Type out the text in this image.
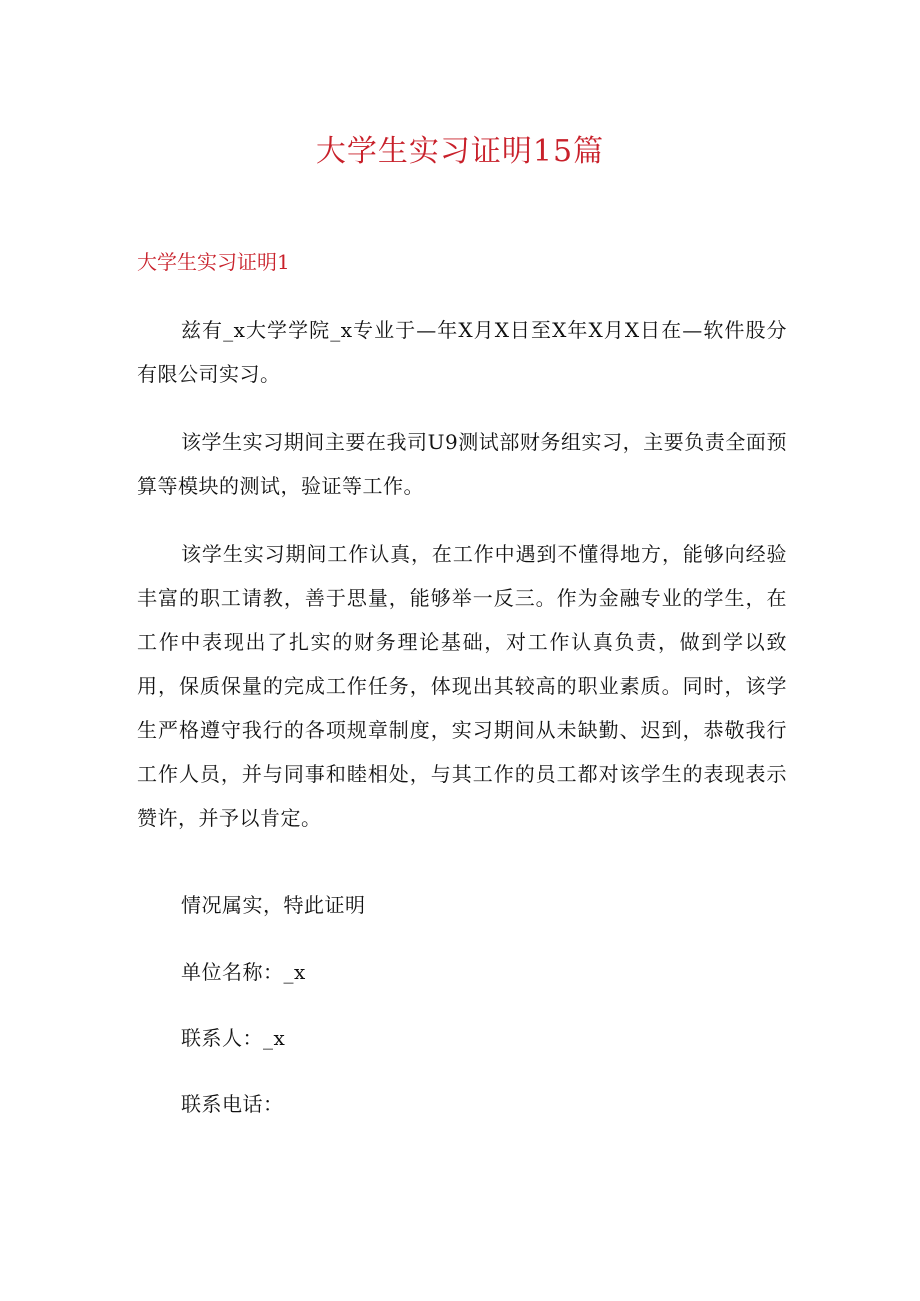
大学生实习证明15篇
大学生实习证明1

兹有_x大学学院_x专业于—年X月X日至X年X月X日在—软件股分有限公司实习。

该学生实习期间主要在我司U9测试部财务组实习，主要负责全面预算等模块的测试，验证等工作。

该学生实习期间工作认真，在工作中遇到不懂得地方，能够向经验丰富的职工请教，善于思量，能够举一反三。作为金融专业的学生，在工作中表现出了扎实的财务理论基础，对工作认真负责，做到学以致用，保质保量的完成工作任务，体现出其较高的职业素质。同时，该学生严格遵守我行的各项规章制度，实习期间从未缺勤、迟到，恭敬我行工作人员，并与同事和睦相处，与其工作的员工都对该学生的表现表示赞许，并予以肯定。

情况属实，特此证明

单位名称：_x

联系人：_x

联系电话：
